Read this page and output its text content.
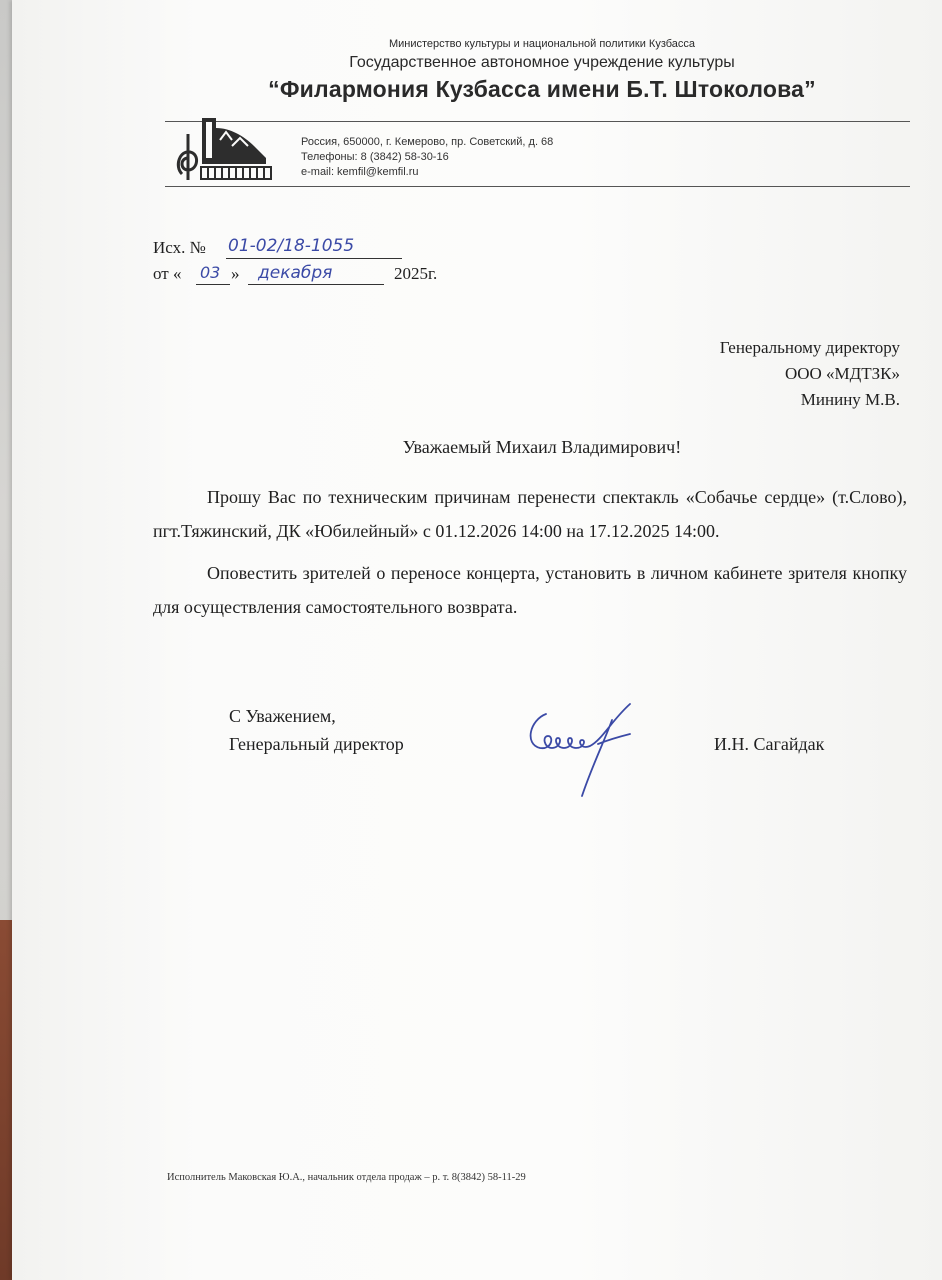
Министерство культуры и национальной политики Кузбасса
Государственное автономное учреждение культуры
“Филармония Кузбасса имени Б.Т. Штоколова”
Россия, 650000, г. Кемерово, пр. Советский, д. 68
Телефоны: 8 (3842) 58-30-16
e-mail: kemfil@kemfil.ru
Исх. № 01-02/18-1055
от « 03 » декабря	2025г.
Генеральному директору
ООО «МДТЗК»
Минину М.В.
Уважаемый Михаил Владимирович!

Прошу Вас по техническим причинам перенести спектакль «Собачье сердце» (т.Слово), пгт.Тяжинский, ДК «Юбилейный» с 01.12.2026 14:00 на 17.12.2025 14:00.

Оповестить зрителей о переносе концерта, установить в личном кабинете зрителя кнопку для осуществления самостоятельного возврата.

С Уважением,
Генеральный директор	И.Н. Сагайдак
Исполнитель Маковская Ю.А., начальник отдела продаж – р. т. 8(3842) 58-11-29
